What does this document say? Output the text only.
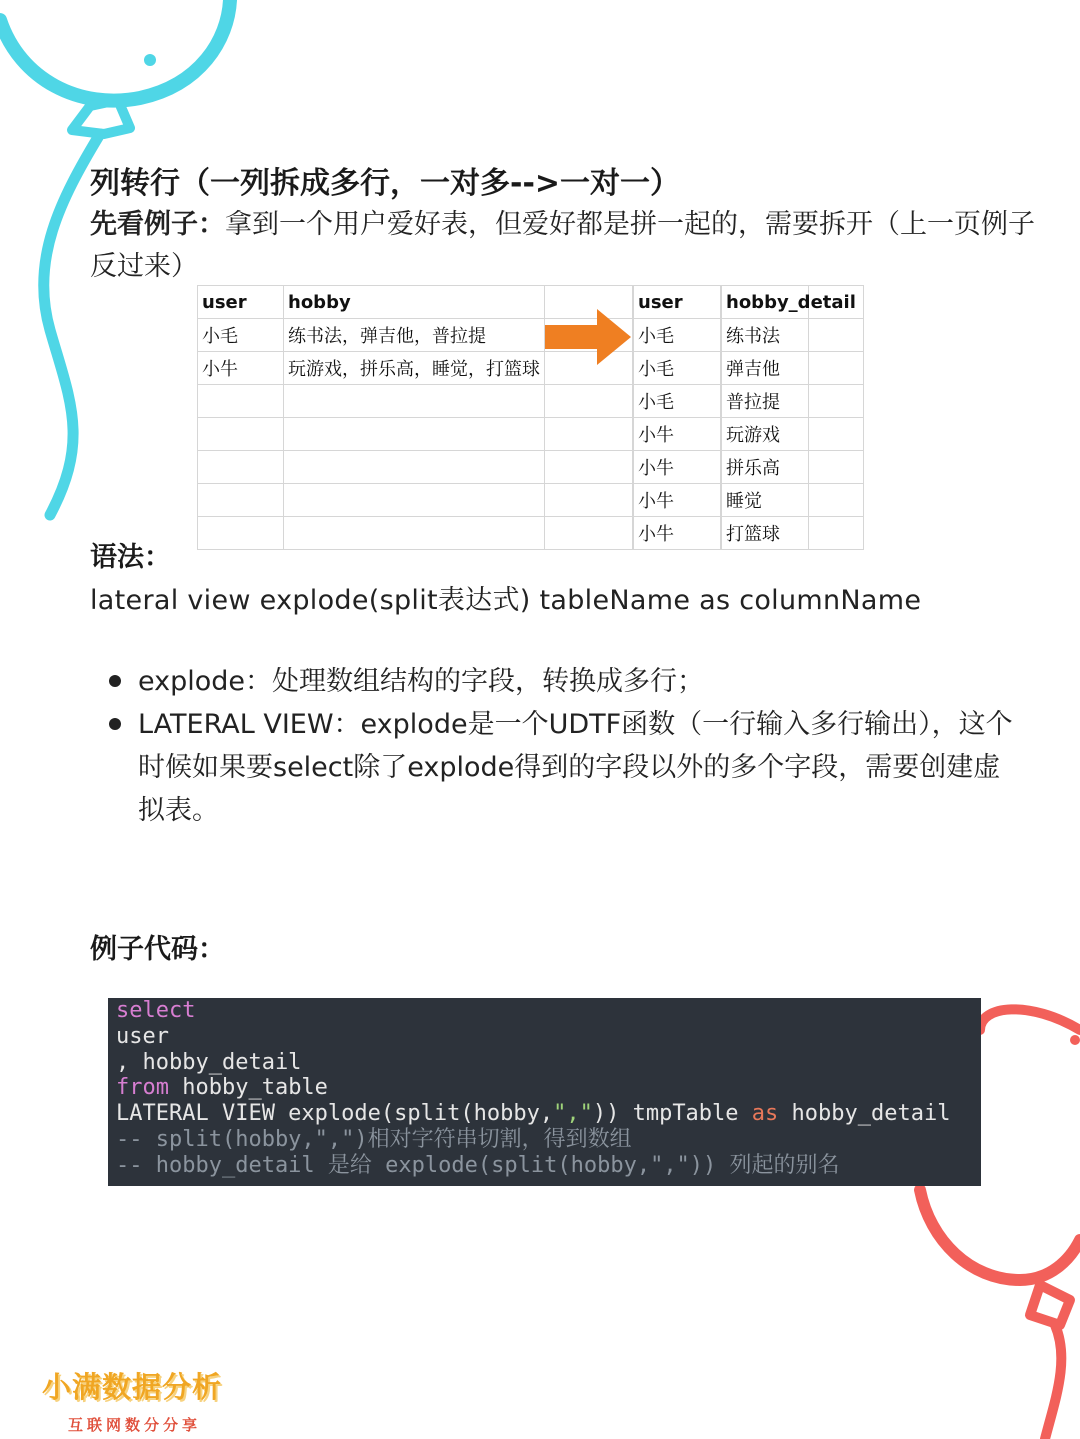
列转行（一列拆成多行，一对多-->一对一）
先看例子：拿到一个用户爱好表，但爱好都是拼一起的，需要拆开（上一页例子反过来）
user	hobby			
小毛	练书法，弹吉他，普拉提			
小牛	玩游戏，拼乐高，睡觉，打篮球			

user	hobby_detail
小毛	练书法
小毛	弹吉他
小毛	普拉提
小牛	玩游戏
小牛	拼乐高
小牛	睡觉
小牛	打篮球
语法：
lateral view explode(split表达式) tableName as columnName
explode：处理数组结构的字段，转换成多行；
LATERAL VIEW：explode是一个UDTF函数（一行输入多行输出），这个时候如果要select除了explode得到的字段以外的多个字段，需要创建虚拟表。
例子代码：
select
user
, hobby_detail
from hobby_table
LATERAL VIEW explode(split(hobby,",")) tmpTable as hobby_detail
-- split(hobby,",")相对字符串切割，得到数组
-- hobby_detail 是给 explode(split(hobby,",")) 列起的别名
小满数据分析
互联网数分分享
